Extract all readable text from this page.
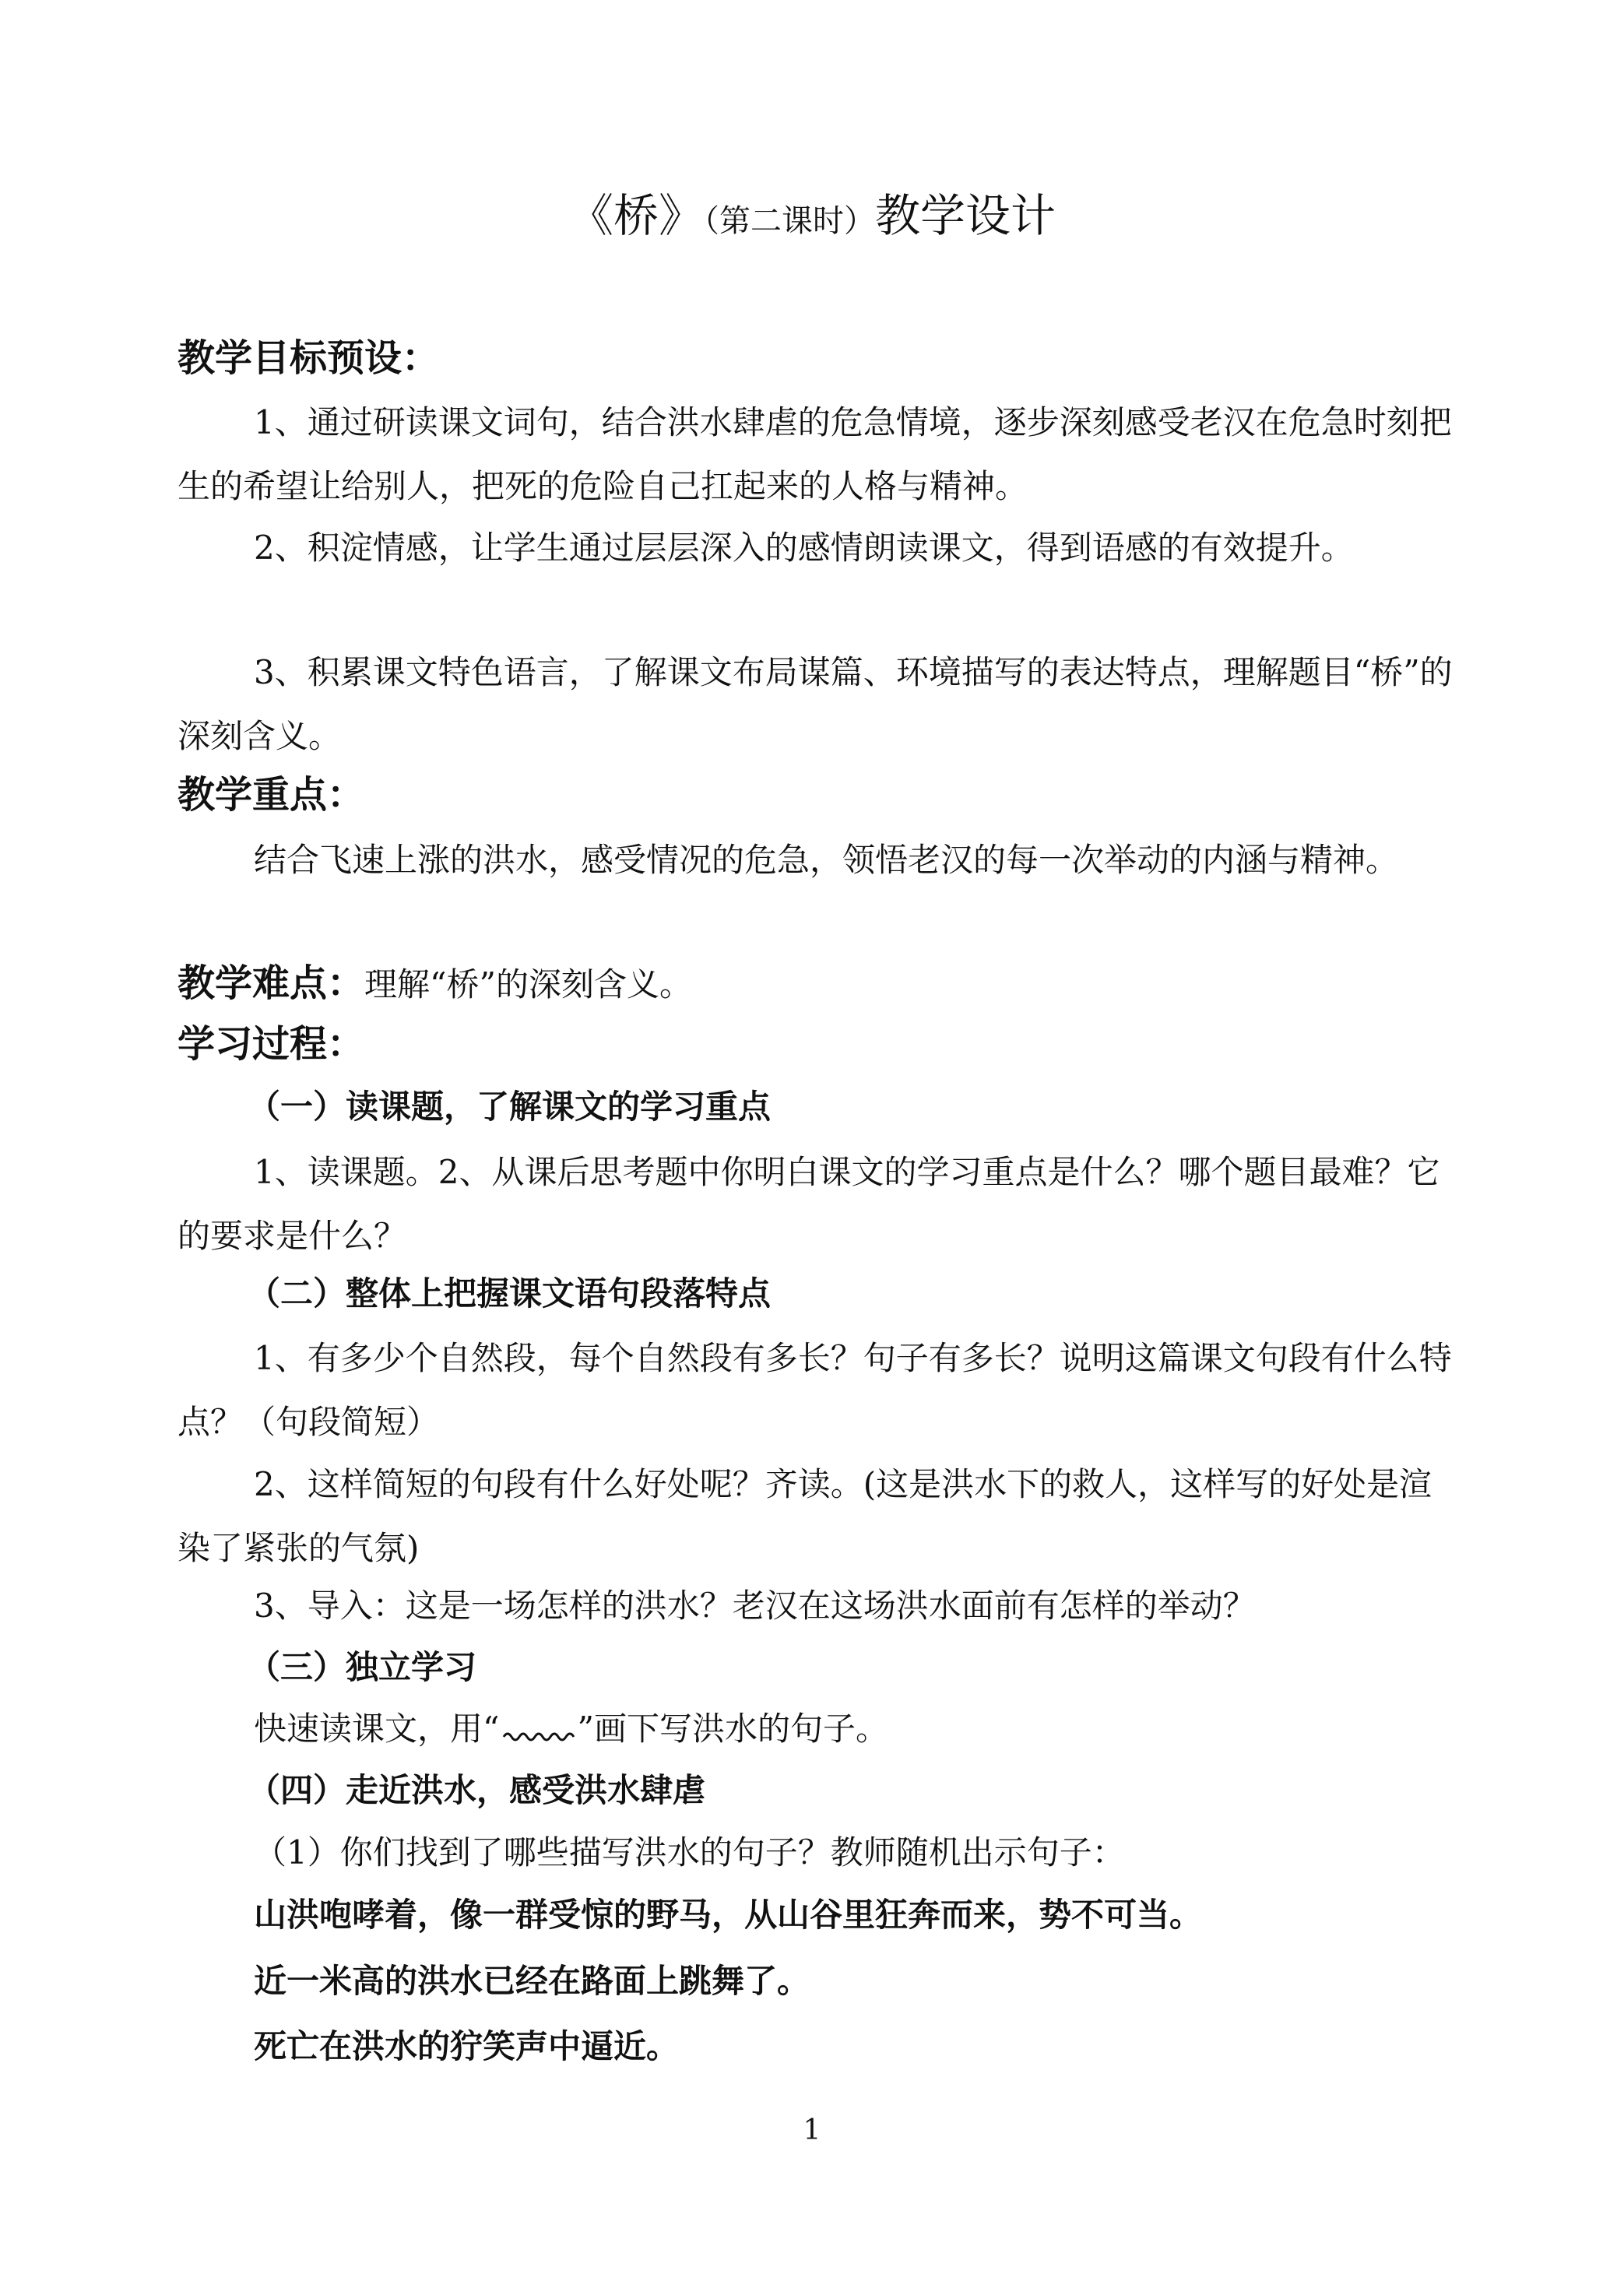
《桥》（第二课时）教学设计
教学目标预设：
1、通过研读课文词句，结合洪水肆虐的危急情境，逐步深刻感受老汉在危急时刻把生的希望让给别人，把死的危险自己扛起来的人格与精神。
2、积淀情感，让学生通过层层深入的感情朗读课文，得到语感的有效提升。
3、积累课文特色语言，了解课文布局谋篇、环境描写的表达特点，理解题目“桥”的深刻含义。
教学重点：
结合飞速上涨的洪水，感受情况的危急，领悟老汉的每一次举动的内涵与精神。
教学难点：理解“桥”的深刻含义。
学习过程：
（一）读课题，了解课文的学习重点
1、读课题。2、从课后思考题中你明白课文的学习重点是什么？哪个题目最难？它的要求是什么？
（二）整体上把握课文语句段落特点
1、有多少个自然段，每个自然段有多长？句子有多长？说明这篇课文句段有什么特点？（句段简短）
2、这样简短的句段有什么好处呢？齐读。(这是洪水下的救人，这样写的好处是渲染了紧张的气氛)
3、导入：这是一场怎样的洪水？老汉在这场洪水面前有怎样的举动？
（三）独立学习
快速读课文，用“ ”画下写洪水的句子。
（四）走近洪水，感受洪水肆虐
（1）你们找到了哪些描写洪水的句子？教师随机出示句子：
山洪咆哮着，像一群受惊的野马，从山谷里狂奔而来，势不可当。
近一米高的洪水已经在路面上跳舞了。
死亡在洪水的狞笑声中逼近。
1
